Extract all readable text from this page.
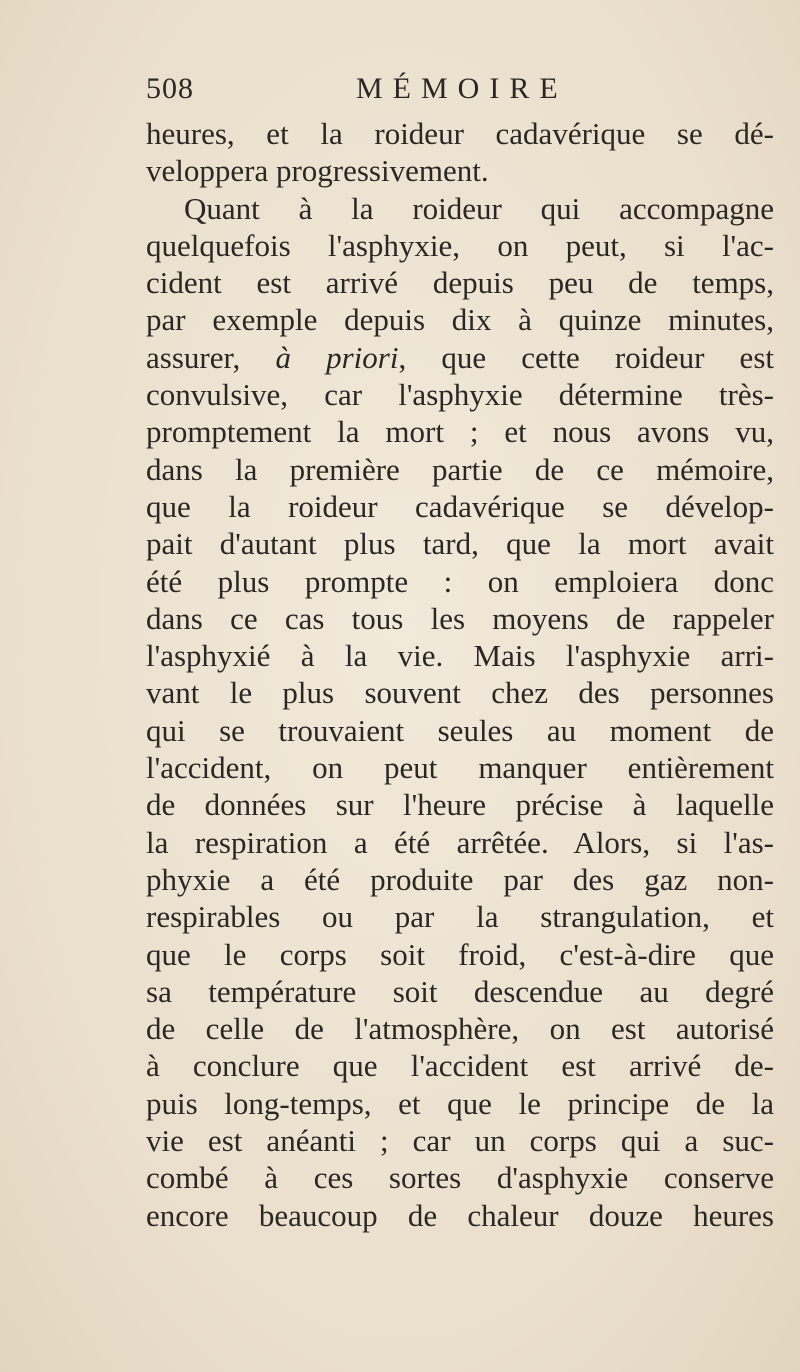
508	MÉMOIRE
heures, et la roideur cadavérique se dé-
veloppera progressivement.
Quant à la roideur qui accompagne
quelquefois l'asphyxie, on peut, si l'ac-
cident est arrivé depuis peu de temps,
par exemple depuis dix à quinze minutes,
assurer, à priori, que cette roideur est
convulsive, car l'asphyxie détermine très-
promptement la mort ; et nous avons vu,
dans la première partie de ce mémoire,
que la roideur cadavérique se dévelop-
pait d'autant plus tard, que la mort avait
été plus prompte : on emploiera donc
dans ce cas tous les moyens de rappeler
l'asphyxié à la vie. Mais l'asphyxie arri-
vant le plus souvent chez des personnes
qui se trouvaient seules au moment de
l'accident, on peut manquer entièrement
de données sur l'heure précise à laquelle
la respiration a été arrêtée. Alors, si l'as-
phyxie a été produite par des gaz non-
respirables ou par la strangulation, et
que le corps soit froid, c'est-à-dire que
sa température soit descendue au degré
de celle de l'atmosphère, on est autorisé
à conclure que l'accident est arrivé de-
puis long-temps, et que le principe de la
vie est anéanti ; car un corps qui a suc-
combé à ces sortes d'asphyxie conserve
encore beaucoup de chaleur douze heures
